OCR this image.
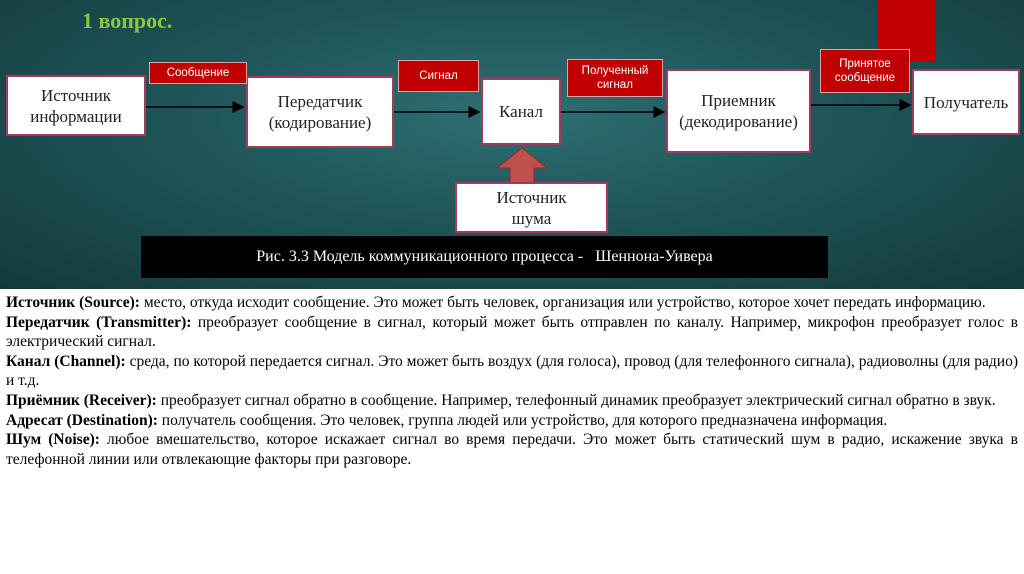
1 вопрос.
Источник информации
Передатчик (кодирование)
Канал
Приемник (декодирование)
Получатель
Источник шума
Сообщение	Сигнал	Полученный сигнал
Принятое сообщение
Рис. 3.3 Модель коммуникационного процесса -   Шеннона-Уивера

Источник (Source): место, откуда исходит сообщение. Это может быть человек, организация или устройство, которое хочет передать информацию.

Передатчик (Transmitter): преобразует сообщение в сигнал, который может быть отправлен по каналу. Например, микрофон преобразует голос в электрический сигнал.

Канал (Channel): среда, по которой передается сигнал. Это может быть воздух (для голоса), провод (для телефонного сигнала), радиоволны (для радио) и т.д.

Приёмник (Receiver): преобразует сигнал обратно в сообщение. Например, телефонный динамик преобразует электрический сигнал обратно в звук.

Адресат (Destination): получатель сообщения. Это человек, группа людей или устройство, для которого предназначена информация.

Шум (Noise): любое вмешательство, которое искажает сигнал во время передачи. Это может быть статический шум в радио, искажение звука в телефонной линии или отвлекающие факторы при разговоре.
